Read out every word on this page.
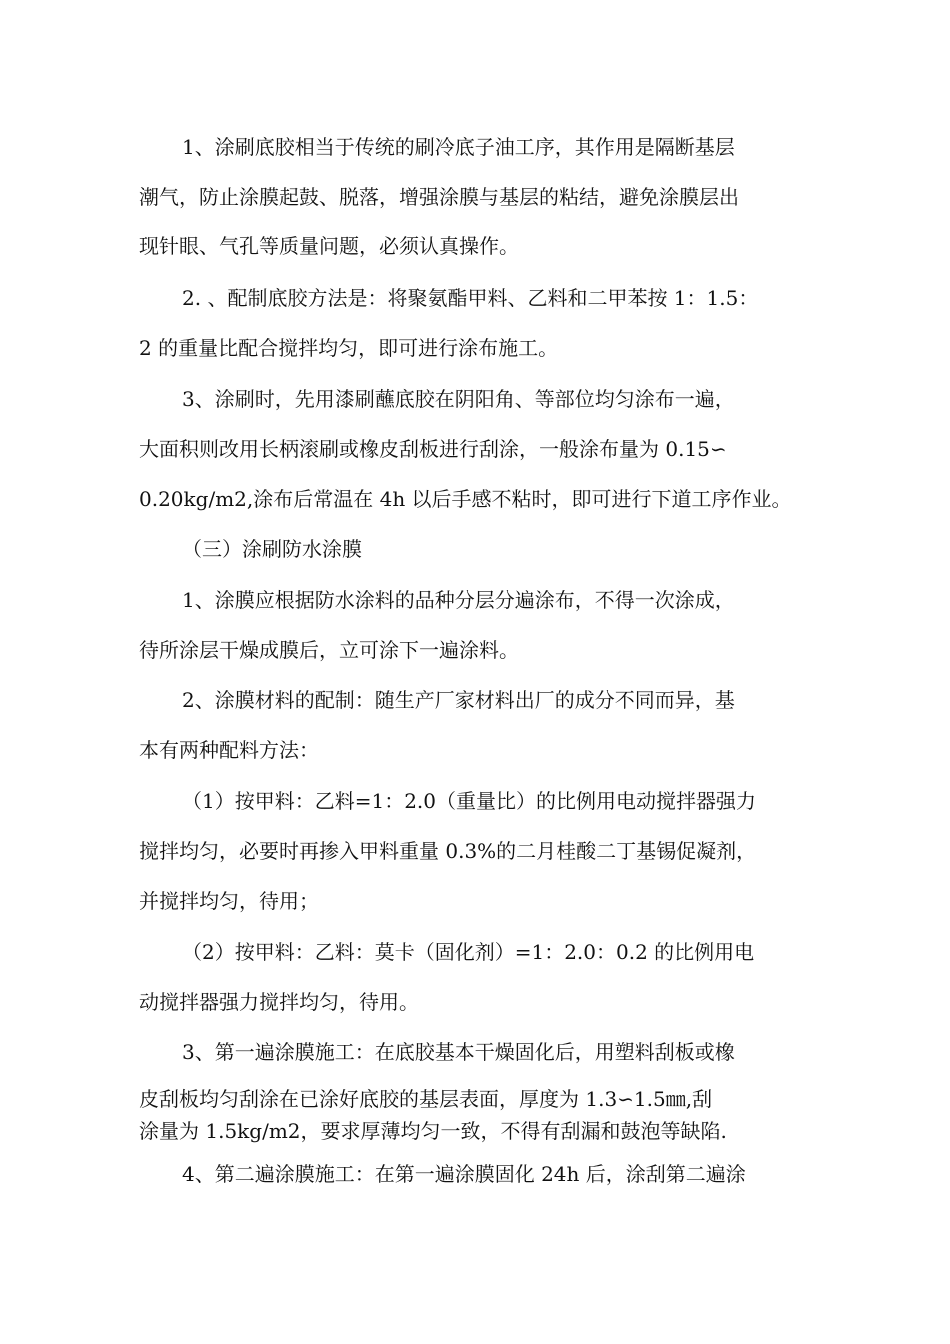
1、涂刷底胶相当于传统的刷冷底子油工序，其作用是隔断基层
潮气，防止涂膜起鼓、脱落，增强涂膜与基层的粘结，避免涂膜层出
现针眼、气孔等质量问题，必须认真操作。
2. 、配制底胶方法是：将聚氨酯甲料、乙料和二甲苯按 1：1.5：
2 的重量比配合搅拌均匀，即可进行涂布施工。
3、涂刷时，先用漆刷蘸底胶在阴阳角、等部位均匀涂布一遍，
大面积则改用长柄滚刷或橡皮刮板进行刮涂，一般涂布量为 0.15∽
0.20kg/m2,涂布后常温在 4h 以后手感不粘时，即可进行下道工序作业。
（三）涂刷防水涂膜
1、涂膜应根据防水涂料的品种分层分遍涂布，不得一次涂成，
待所涂层干燥成膜后，立可涂下一遍涂料。
2、涂膜材料的配制：随生产厂家材料出厂的成分不同而异，基
本有两种配料方法：
（1）按甲料：乙料=1：2.0（重量比）的比例用电动搅拌器强力
搅拌均匀，必要时再掺入甲料重量 0.3%的二月桂酸二丁基锡促凝剂，
并搅拌均匀，待用；
（2）按甲料：乙料：莫卡（固化剂）=1：2.0：0.2 的比例用电
动搅拌器强力搅拌均匀，待用。
3、第一遍涂膜施工：在底胶基本干燥固化后，用塑料刮板或橡
皮刮板均匀刮涂在已涂好底胶的基层表面，厚度为 1.3∽1.5㎜,刮
涂量为 1.5kg/m2，要求厚薄均匀一致，不得有刮漏和鼓泡等缺陷.
4、第二遍涂膜施工：在第一遍涂膜固化 24h 后，涂刮第二遍涂
